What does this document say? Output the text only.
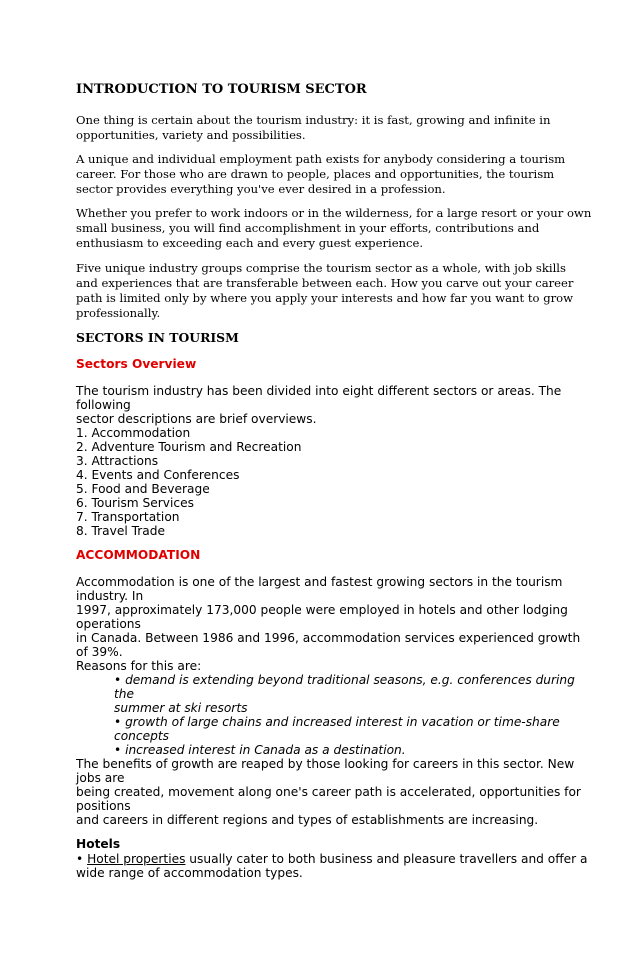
INTRODUCTION TO TOURISM SECTOR
One thing is certain about the tourism industry: it is fast, growing and infinite in
opportunities, variety and possibilities.
A unique and individual employment path exists for anybody considering a tourism
career. For those who are drawn to people, places and opportunities, the tourism
sector provides everything you've ever desired in a profession.
Whether you prefer to work indoors or in the wilderness, for a large resort or your own
small business, you will find accomplishment in your efforts, contributions and
enthusiasm to exceeding each and every guest experience.
Five unique industry groups comprise the tourism sector as a whole, with job skills
and experiences that are transferable between each. How you carve out your career
path is limited only by where you apply your interests and how far you want to grow
professionally.
SECTORS IN TOURISM
Sectors Overview
The tourism industry has been divided into eight different sectors or areas. The
following
sector descriptions are brief overviews.
1. Accommodation
2. Adventure Tourism and Recreation
3. Attractions
4. Events and Conferences
5. Food and Beverage
6. Tourism Services
7. Transportation
8. Travel Trade
ACCOMMODATION
Accommodation is one of the largest and fastest growing sectors in the tourism
industry. In
1997, approximately 173,000 people were employed in hotels and other lodging
operations
in Canada. Between 1986 and 1996, accommodation services experienced growth
of 39%.
Reasons for this are:
• demand is extending beyond traditional seasons, e.g. conferences during
the
summer at ski resorts
• growth of large chains and increased interest in vacation or time-share
concepts
• increased interest in Canada as a destination.
The benefits of growth are reaped by those looking for careers in this sector. New
jobs are
being created, movement along one's career path is accelerated, opportunities for
positions
and careers in different regions and types of establishments are increasing.
Hotels
• Hotel properties usually cater to both business and pleasure travellers and offer a
wide range of accommodation types.
